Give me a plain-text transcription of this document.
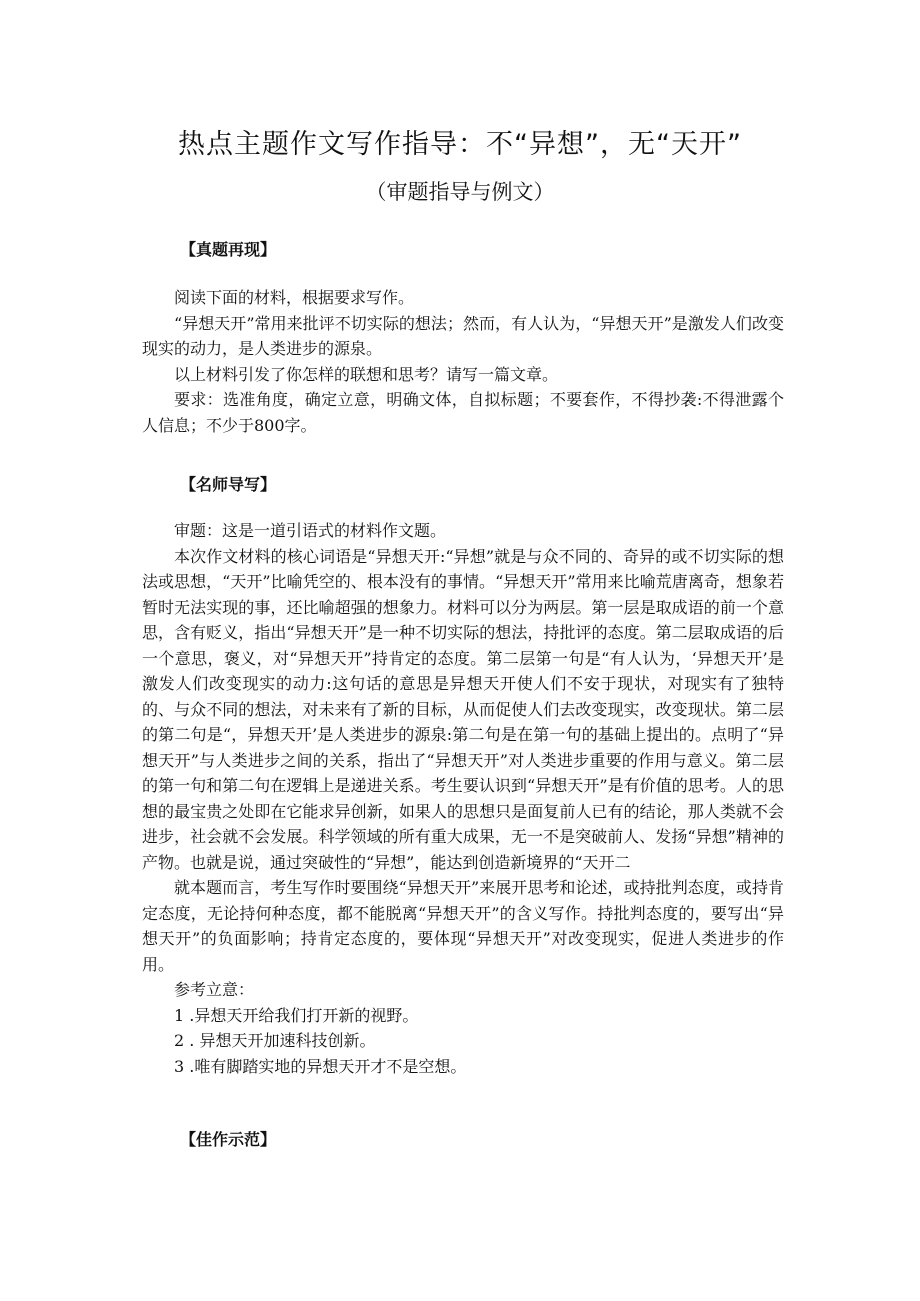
热点主题作文写作指导：不“异想”，无“天开”
（审题指导与例文）
【真题再现】

阅读下面的材料，根据要求写作。

“异想天开”常用来批评不切实际的想法；然而，有人认为，“异想天开”是激发人们改变现实的动力，是人类进步的源泉。

以上材料引发了你怎样的联想和思考？请写一篇文章。

要求：选准角度，确定立意，明确文体，自拟标题；不要套作，不得抄袭:不得泄露个人信息；不少于800字。

【名师导写】

审题：这是一道引语式的材料作文题。

本次作文材料的核心词语是“异想天开:“异想”就是与众不同的、奇异的或不切实际的想法或思想，“天开”比喻凭空的、根本没有的事情。“异想天开”常用来比喻荒唐离奇，想象若暂时无法实现的事，还比喻超强的想象力。材料可以分为两层。第一层是取成语的前一个意思，含有贬义，指出“异想天开”是一种不切实际的想法，持批评的态度。第二层取成语的后一个意思，褒义，对“异想天开”持肯定的态度。第二层第一句是“有人认为，‘异想天开’是激发人们改变现实的动力:这句话的意思是异想天开使人们不安于现状，对现实有了独特的、与众不同的想法，对未来有了新的目标，从而促使人们去改变现实，改变现状。第二层的第二句是“，异想天开’是人类进步的源泉:第二句是在第一句的基础上提出的。点明了“异想天开”与人类进步之间的关系，指出了“异想天开”对人类进步重要的作用与意义。第二层的第一句和第二句在逻辑上是递进关系。考生要认识到“异想天开”是有价值的思考。人的思想的最宝贵之处即在它能求异创新，如果人的思想只是面复前人已有的结论，那人类就不会进步，社会就不会发展。科学领域的所有重大成果，无一不是突破前人、发扬“异想”精神的产物。也就是说，通过突破性的“异想”，能达到创造新境界的“天开二

就本题而言，考生写作时要围绕“异想天开”来展开思考和论述，或持批判态度，或持肯定态度，无论持何种态度，都不能脱离“异想天开”的含义写作。持批判态度的，要写出“异想天开”的负面影响；持肯定态度的，要体现“异想天开”对改变现实，促进人类进步的作用。

参考立意：

1 .异想天开给我们打开新的视野。

2 . 异想天开加速科技创新。

3 .唯有脚踏实地的异想天开才不是空想。

【佳作示范】
